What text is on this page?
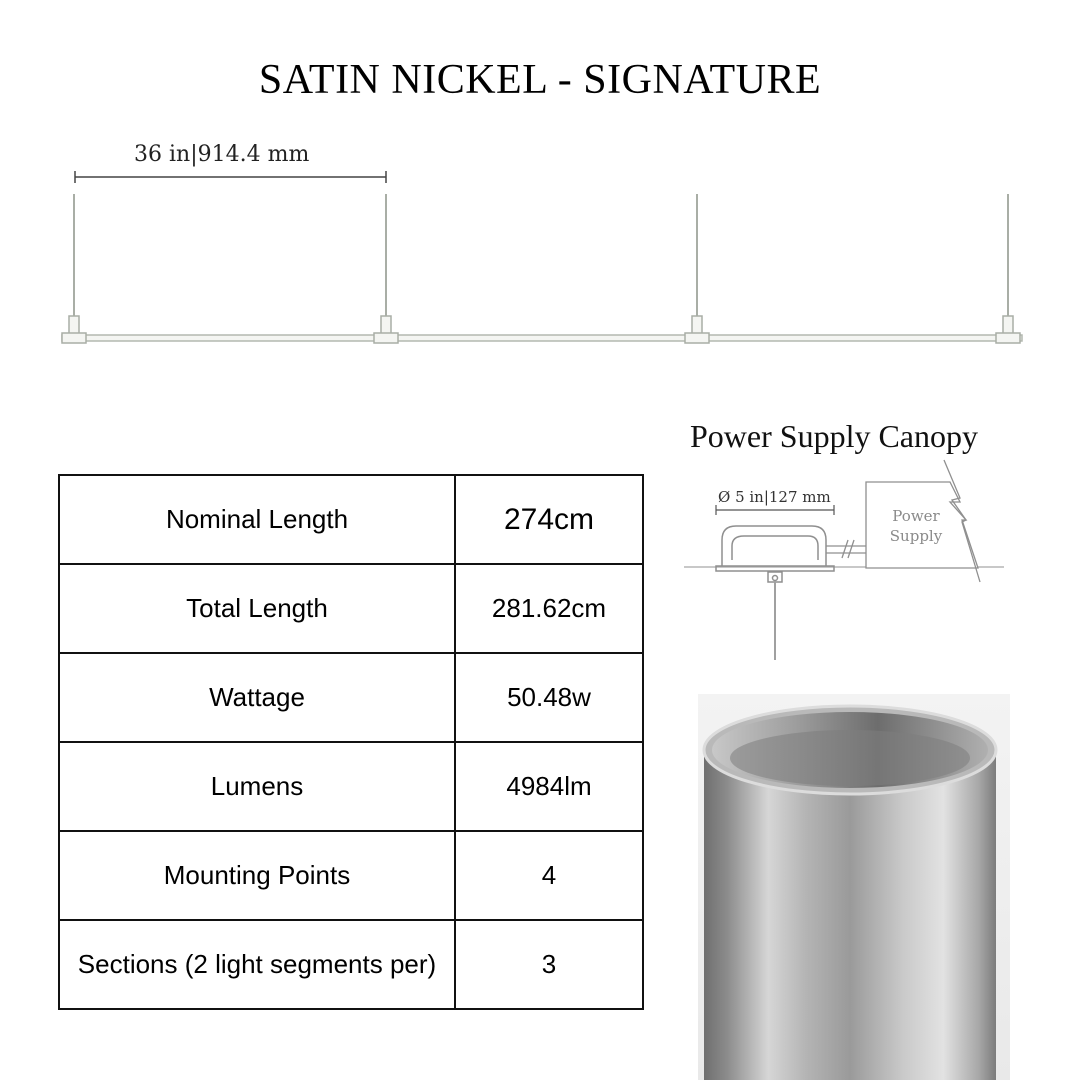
SATIN NICKEL - SIGNATURE
36 in|914.4 mm
Power Supply Canopy
Ø 5 in|127 mm
Power
Supply
Nominal Length	274cm
Total Length	281.62cm
Wattage	50.48w
Lumens	4984lm
Mounting Points	4
Sections (2 light segments per)	3
